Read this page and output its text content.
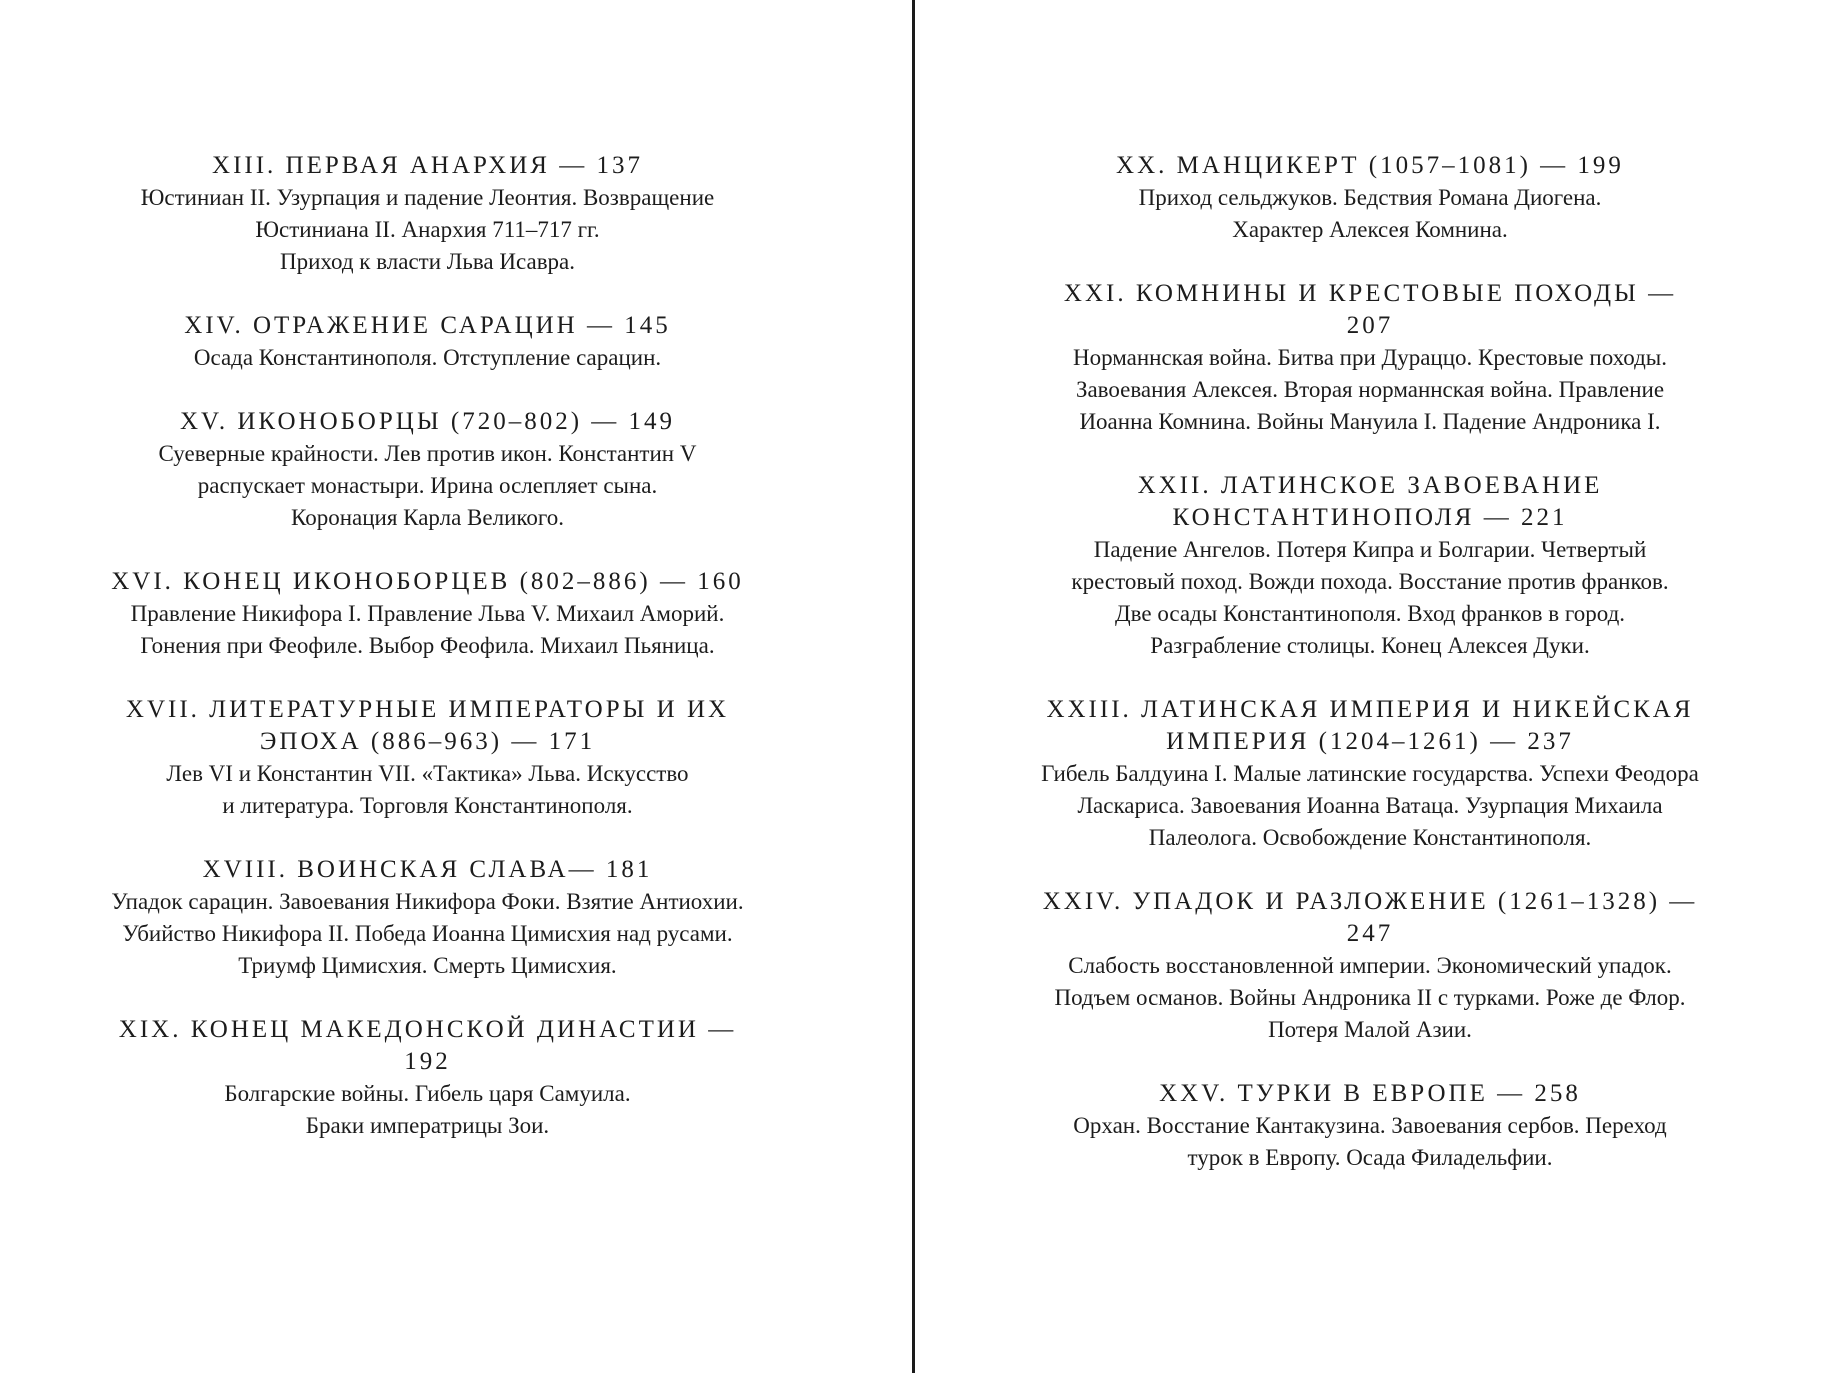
XIII. ПЕРВАЯ АНАРХИЯ — 137
Юстиниан II. Узурпация и падение Леонтия. Возвращение
Юстиниана II. Анархия 711–717 гг.
Приход к власти Льва Исавра.
XIV. ОТРАЖЕНИЕ САРАЦИН — 145
Осада Константинополя. Отступление сарацин.
XV. ИКОНОБОРЦЫ (720–802) — 149
Суеверные крайности. Лев против икон. Константин V
распускает монастыри. Ирина ослепляет сына.
Коронация Карла Великого.
XVI. КОНЕЦ ИКОНОБОРЦЕВ (802–886) — 160
Правление Никифора I. Правление Льва V. Михаил Аморий.
Гонения при Феофиле. Выбор Феофила. Михаил Пьяница.
XVII. ЛИТЕРАТУРНЫЕ ИМПЕРАТОРЫ И ИХ
ЭПОХА (886–963) — 171
Лев VI и Константин VII. «Тактика» Льва. Искусство
и литература. Торговля Константинополя.
XVIII. ВОИНСКАЯ СЛАВА— 181
Упадок сарацин. Завоевания Никифора Фоки. Взятие Антиохии.
Убийство Никифора II. Победа Иоанна Цимисхия над русами.
Триумф Цимисхия. Смерть Цимисхия.
XIX. КОНЕЦ МАКЕДОНСКОЙ ДИНАСТИИ —
192
Болгарские войны. Гибель царя Самуила.
Браки императрицы Зои.
XX. МАНЦИКЕРТ (1057–1081) — 199
Приход сельджуков. Бедствия Романа Диогена.
Характер Алексея Комнина.
XXI. КОМНИНЫ И КРЕСТОВЫЕ ПОХОДЫ —
207
Норманнская война. Битва при Дураццо. Крестовые походы.
Завоевания Алексея. Вторая норманнская война. Правление
Иоанна Комнина. Войны Мануила I. Падение Андроника I.
XXII. ЛАТИНСКОЕ ЗАВОЕВАНИЕ
КОНСТАНТИНОПОЛЯ — 221
Падение Ангелов. Потеря Кипра и Болгарии. Четвертый
крестовый поход. Вожди похода. Восстание против франков.
Две осады Константинополя. Вход франков в город.
Разграбление столицы. Конец Алексея Дуки.
XXIII. ЛАТИНСКАЯ ИМПЕРИЯ И НИКЕЙСКАЯ
ИМПЕРИЯ (1204–1261) — 237
Гибель Балдуина I. Малые латинские государства. Успехи Феодора
Ласкариса. Завоевания Иоанна Ватаца. Узурпация Михаила
Палеолога. Освобождение Константинополя.
XXIV. УПАДОК И РАЗЛОЖЕНИЕ (1261–1328) —
247
Слабость восстановленной империи. Экономический упадок.
Подъем османов. Войны Андроника II с турками. Роже де Флор.
Потеря Малой Азии.
XXV. ТУРКИ В ЕВРОПЕ — 258
Орхан. Восстание Кантакузина. Завоевания сербов. Переход
турок в Европу. Осада Филадельфии.
